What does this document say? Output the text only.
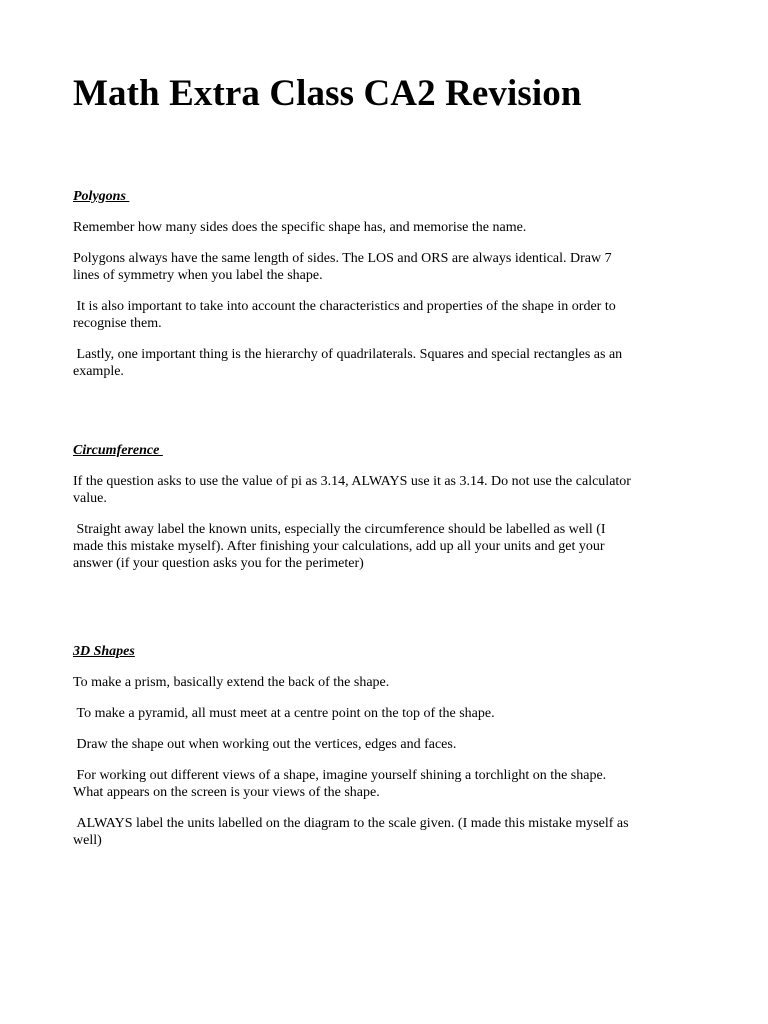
Math Extra Class CA2 Revision

Polygons

Remember how many sides does the specific shape has, and memorise the name.

Polygons always have the same length of sides. The LOS and ORS are always identical. Draw 7
lines of symmetry when you label the shape.

It is also important to take into account the characteristics and properties of the shape in order to
recognise them.

Lastly, one important thing is the hierarchy of quadrilaterals. Squares and special rectangles as an
example.

Circumference

If the question asks to use the value of pi as 3.14, ALWAYS use it as 3.14. Do not use the calculator
value.

Straight away label the known units, especially the circumference should be labelled as well (I
made this mistake myself). After finishing your calculations, add up all your units and get your
answer (if your question asks you for the perimeter)

3D Shapes

To make a prism, basically extend the back of the shape.

To make a pyramid, all must meet at a centre point on the top of the shape.

Draw the shape out when working out the vertices, edges and faces.

For working out different views of a shape, imagine yourself shining a torchlight on the shape.
What appears on the screen is your views of the shape.

ALWAYS label the units labelled on the diagram to the scale given. (I made this mistake myself as
well)
